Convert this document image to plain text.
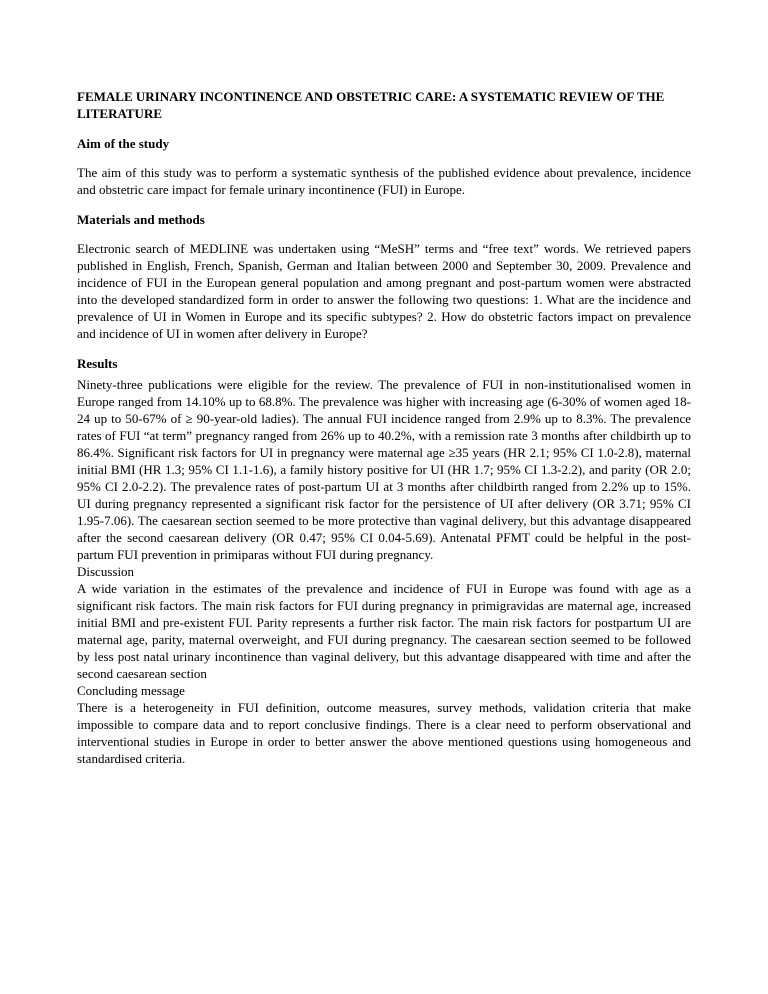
FEMALE URINARY INCONTINENCE AND OBSTETRIC CARE: A SYSTEMATIC REVIEW OF THE LITERATURE
Aim of the study
The aim of this study was to perform a systematic synthesis of the published evidence about prevalence, incidence and obstetric care impact for female urinary incontinence (FUI) in Europe.
Materials and methods
Electronic search of MEDLINE was undertaken using “MeSH” terms and “free text” words. We retrieved papers published in English, French, Spanish, German and Italian between 2000 and September 30, 2009. Prevalence and incidence of FUI in the European general population and among pregnant and post-partum women were abstracted into the developed standardized form in order to answer the following two questions: 1. What are the incidence and prevalence of UI in Women in Europe and its specific subtypes? 2. How do obstetric factors impact on prevalence and incidence of UI in women after delivery in Europe?
Results
Ninety-three publications were eligible for the review. The prevalence of FUI in non-institutionalised women in Europe ranged from 14.10% up to 68.8%. The prevalence was higher with increasing age (6-30% of women aged 18-24 up to 50-67% of ≥ 90-year-old ladies). The annual FUI incidence ranged from 2.9% up to 8.3%. The prevalence rates of FUI “at term” pregnancy ranged from 26% up to 40.2%, with a remission rate 3 months after childbirth up to 86.4%. Significant risk factors for UI in pregnancy were maternal age ≥35 years (HR 2.1; 95% CI 1.0-2.8), maternal initial BMI (HR 1.3; 95% CI 1.1-1.6), a family history positive for UI (HR 1.7; 95% CI 1.3-2.2), and parity (OR 2.0; 95% CI 2.0-2.2). The prevalence rates of post-partum UI at 3 months after childbirth ranged from 2.2% up to 15%. UI during pregnancy represented a significant risk factor for the persistence of UI after delivery (OR 3.71; 95% CI 1.95-7.06). The caesarean section seemed to be more protective than vaginal delivery, but this advantage disappeared after the second caesarean delivery (OR 0.47; 95% CI 0.04-5.69). Antenatal PFMT could be helpful in the post-partum FUI prevention in primiparas without FUI during pregnancy.
Discussion
A wide variation in the estimates of the prevalence and incidence of FUI in Europe was found with age as a significant risk factors. The main risk factors for FUI during pregnancy in primigravidas are maternal age, increased initial BMI and pre-existent FUI. Parity represents a further risk factor. The main risk factors for postpartum UI are maternal age, parity, maternal overweight, and FUI during pregnancy. The caesarean section seemed to be followed by less post natal urinary incontinence than vaginal delivery, but this advantage disappeared with time and after the second caesarean section
Concluding message
There is a heterogeneity in FUI definition, outcome measures, survey methods, validation criteria that make impossible to compare data and to report conclusive findings. There is a clear need to perform observational and interventional studies in Europe in order to better answer the above mentioned questions using homogeneous and standardised criteria.
